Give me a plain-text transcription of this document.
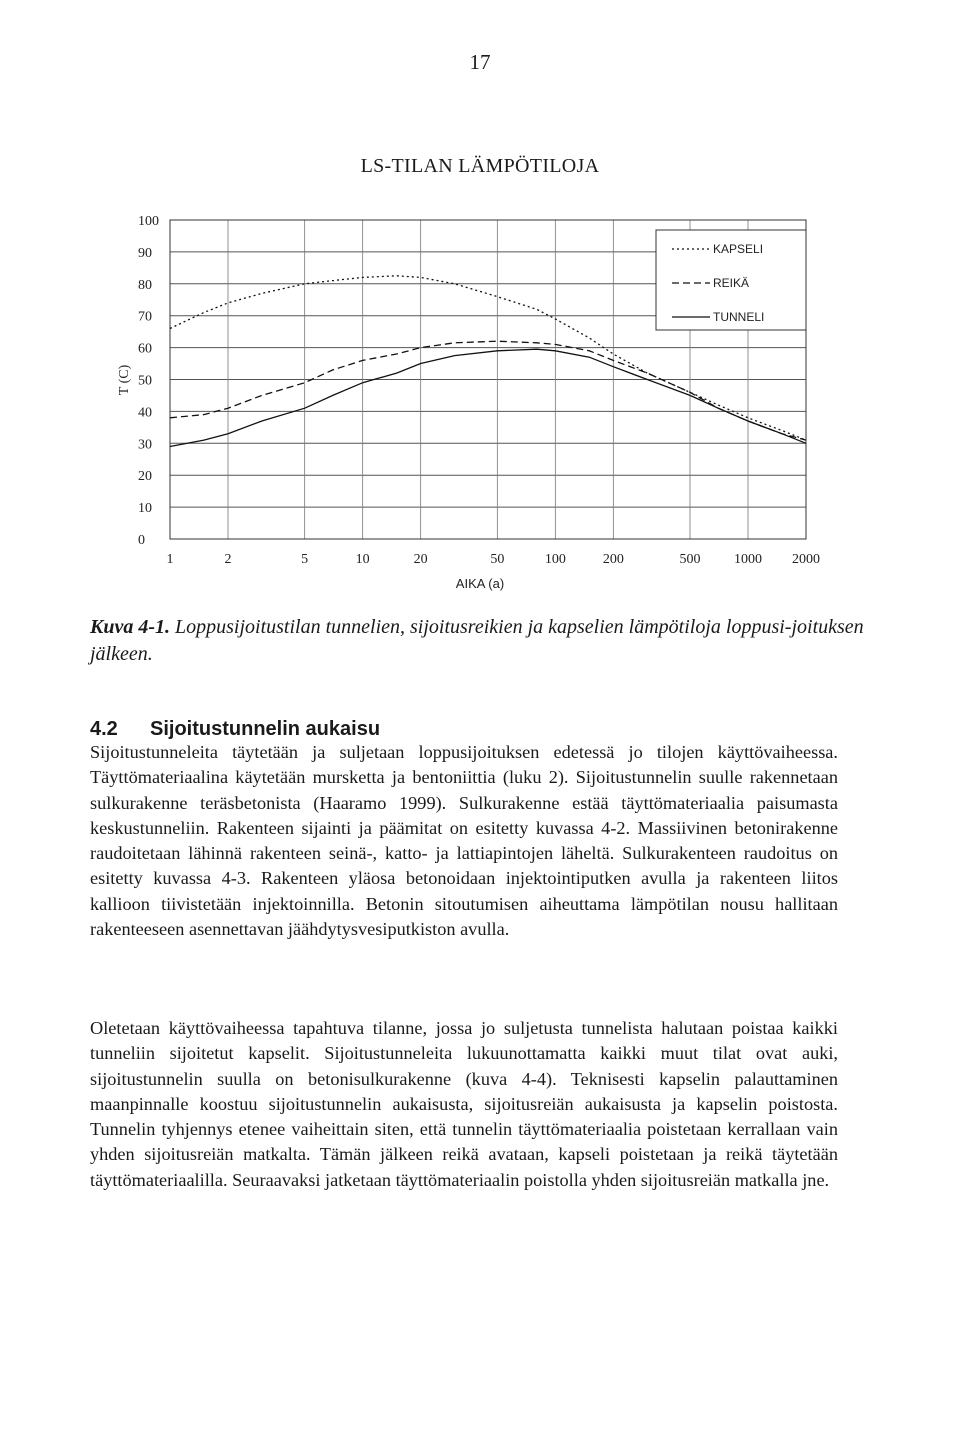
17
LS-TILAN LÄMPÖTILOJA
0
10
20
30
40
50
60
70
80
90
100
1	2	5	10	20	50	100	200	500 1000 2000
KAPSELI
REIKÄ
TUNNELI
T (C)
AIKA (a)
Kuva 4-1. Loppusijoitustilan tunnelien, sijoitusreikien ja kapselien lämpötiloja loppusi-joituksen jälkeen.
4.2 Sijoitustunnelin aukaisu
Sijoitustunneleita täytetään ja suljetaan loppusijoituksen edetessä jo tilojen käyttövaiheessa. Täyttömateriaalina käytetään mursketta ja bentoniittia (luku 2). Sijoitustunnelin suulle rakennetaan sulkurakenne teräsbetonista (Haaramo 1999). Sulkurakenne estää täyttömateriaalia paisumasta keskustunneliin. Rakenteen sijainti ja päämitat on esitetty kuvassa 4-2. Massiivinen betonirakenne raudoitetaan lähinnä rakenteen seinä-, katto- ja lattiapintojen läheltä. Sulkurakenteen raudoitus on esitetty kuvassa 4-3. Rakenteen yläosa betonoidaan injektointiputken avulla ja rakenteen liitos kallioon tiivistetään injektoinnilla. Betonin sitoutumisen aiheuttama lämpötilan nousu hallitaan rakenteeseen asennettavan jäähdytysvesiputkiston avulla.
Oletetaan käyttövaiheessa tapahtuva tilanne, jossa jo suljetusta tunnelista halutaan poistaa kaikki tunneliin sijoitetut kapselit. Sijoitustunneleita lukuunottamatta kaikki muut tilat ovat auki, sijoitustunnelin suulla on betonisulkurakenne (kuva 4-4). Teknisesti kapselin palauttaminen maanpinnalle koostuu sijoitustunnelin aukaisusta, sijoitusreiän aukaisusta ja kapselin poistosta. Tunnelin tyhjennys etenee vaiheittain siten, että tunnelin täyttömateriaalia poistetaan kerrallaan vain yhden sijoitusreiän matkalta. Tämän jälkeen reikä avataan, kapseli poistetaan ja reikä täytetään täyttömateriaalilla. Seuraavaksi jatketaan täyttömateriaalin poistolla yhden sijoitusreiän matkalla jne.
